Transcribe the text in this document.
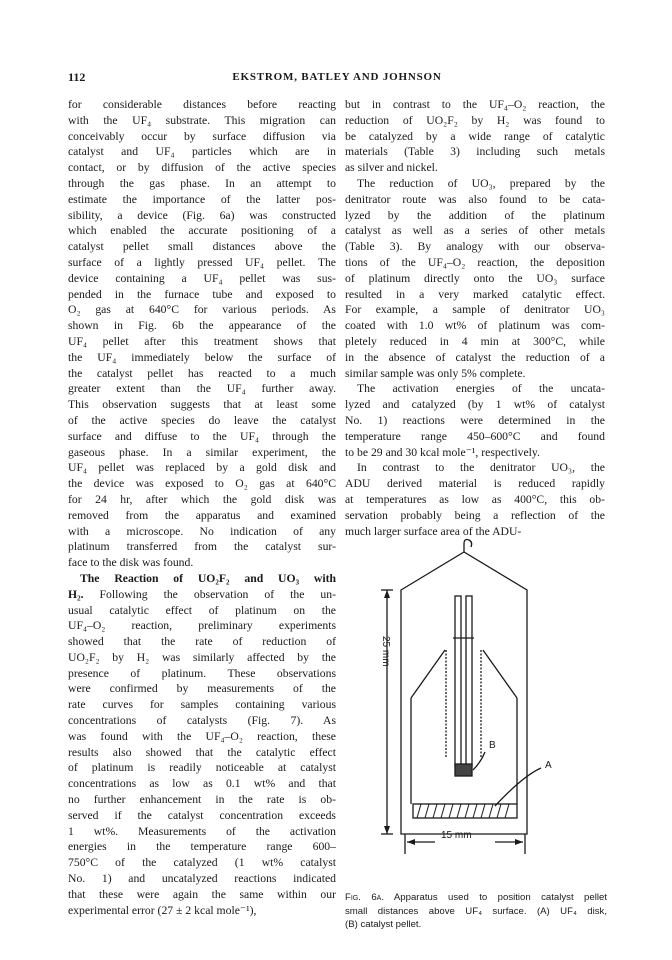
112	EKSTROM, BATLEY AND JOHNSON
for considerable distances before reacting
with the UF₄ substrate. This migration can
conceivably occur by surface diffusion via
catalyst and UF₄ particles which are in
contact, or by diffusion of the active species
through the gas phase. In an attempt to
estimate the importance of the latter pos-
sibility, a device (Fig. 6a) was constructed
which enabled the accurate positioning of a
catalyst pellet small distances above the
surface of a lightly pressed UF₄ pellet. The
device containing a UF₄ pellet was sus-
pended in the furnace tube and exposed to
O₂ gas at 640°C for various periods. As
shown in Fig. 6b the appearance of the
UF₄ pellet after this treatment shows that
the UF₄ immediately below the surface of
the catalyst pellet has reacted to a much
greater extent than the UF₄ further away.
This observation suggests that at least some
of the active species do leave the catalyst
surface and diffuse to the UF₄ through the
gaseous phase. In a similar experiment, the
UF₄ pellet was replaced by a gold disk and
the device was exposed to O₂ gas at 640°C
for 24 hr, after which the gold disk was
removed from the apparatus and examined
with a microscope. No indication of any
platinum transferred from the catalyst sur-
face to the disk was found.
The Reaction of UO₂F₂ and UO₃ with
H₂. Following the observation of the un-
usual catalytic effect of platinum on the
UF₄–O₂ reaction, preliminary experiments
showed that the rate of reduction of
UO₂F₂ by H₂ was similarly affected by the
presence of platinum. These observations
were confirmed by measurements of the
rate curves for samples containing various
concentrations of catalysts (Fig. 7). As
was found with the UF₄–O₂ reaction, these
results also showed that the catalytic effect
of platinum is readily noticeable at catalyst
concentrations as low as 0.1 wt% and that
no further enhancement in the rate is ob-
served if the catalyst concentration exceeds
1 wt%. Measurements of the activation
energies in the temperature range 600–
750°C of the catalyzed (1 wt% catalyst
No. 1) and uncatalyzed reactions indicated
that these were again the same within our
experimental error (27 ± 2 kcal mole⁻¹),
but in contrast to the UF₄–O₂ reaction, the
reduction of UO₂F₂ by H₂ was found to
be catalyzed by a wide range of catalytic
materials (Table 3) including such metals
as silver and nickel.
The reduction of UO₃, prepared by the
denitrator route was also found to be cata-
lyzed by the addition of the platinum
catalyst as well as a series of other metals
(Table 3). By analogy with our observa-
tions of the UF₄–O₂ reaction, the deposition
of platinum directly onto the UO₃ surface
resulted in a very marked catalytic effect.
For example, a sample of denitrator UO₃
coated with 1.0 wt% of platinum was com-
pletely reduced in 4 min at 300°C, while
in the absence of catalyst the reduction of a
similar sample was only 5% complete.
The activation energies of the uncata-
lyzed and catalyzed (by 1 wt% of catalyst
No. 1) reactions were determined in the
temperature range 450–600°C and found
to be 29 and 30 kcal mole⁻¹, respectively.
In contrast to the denitrator UO₃, the
ADU derived material is reduced rapidly
at temperatures as low as 400°C, this ob-
servation probably being a reflection of the
much larger surface area of the ADU-
B
A
25 mm
15 mm
Fig. 6a. Apparatus used to position catalyst pellet
small distances above UF₄ surface. (A) UF₄ disk,
(B) catalyst pellet.
